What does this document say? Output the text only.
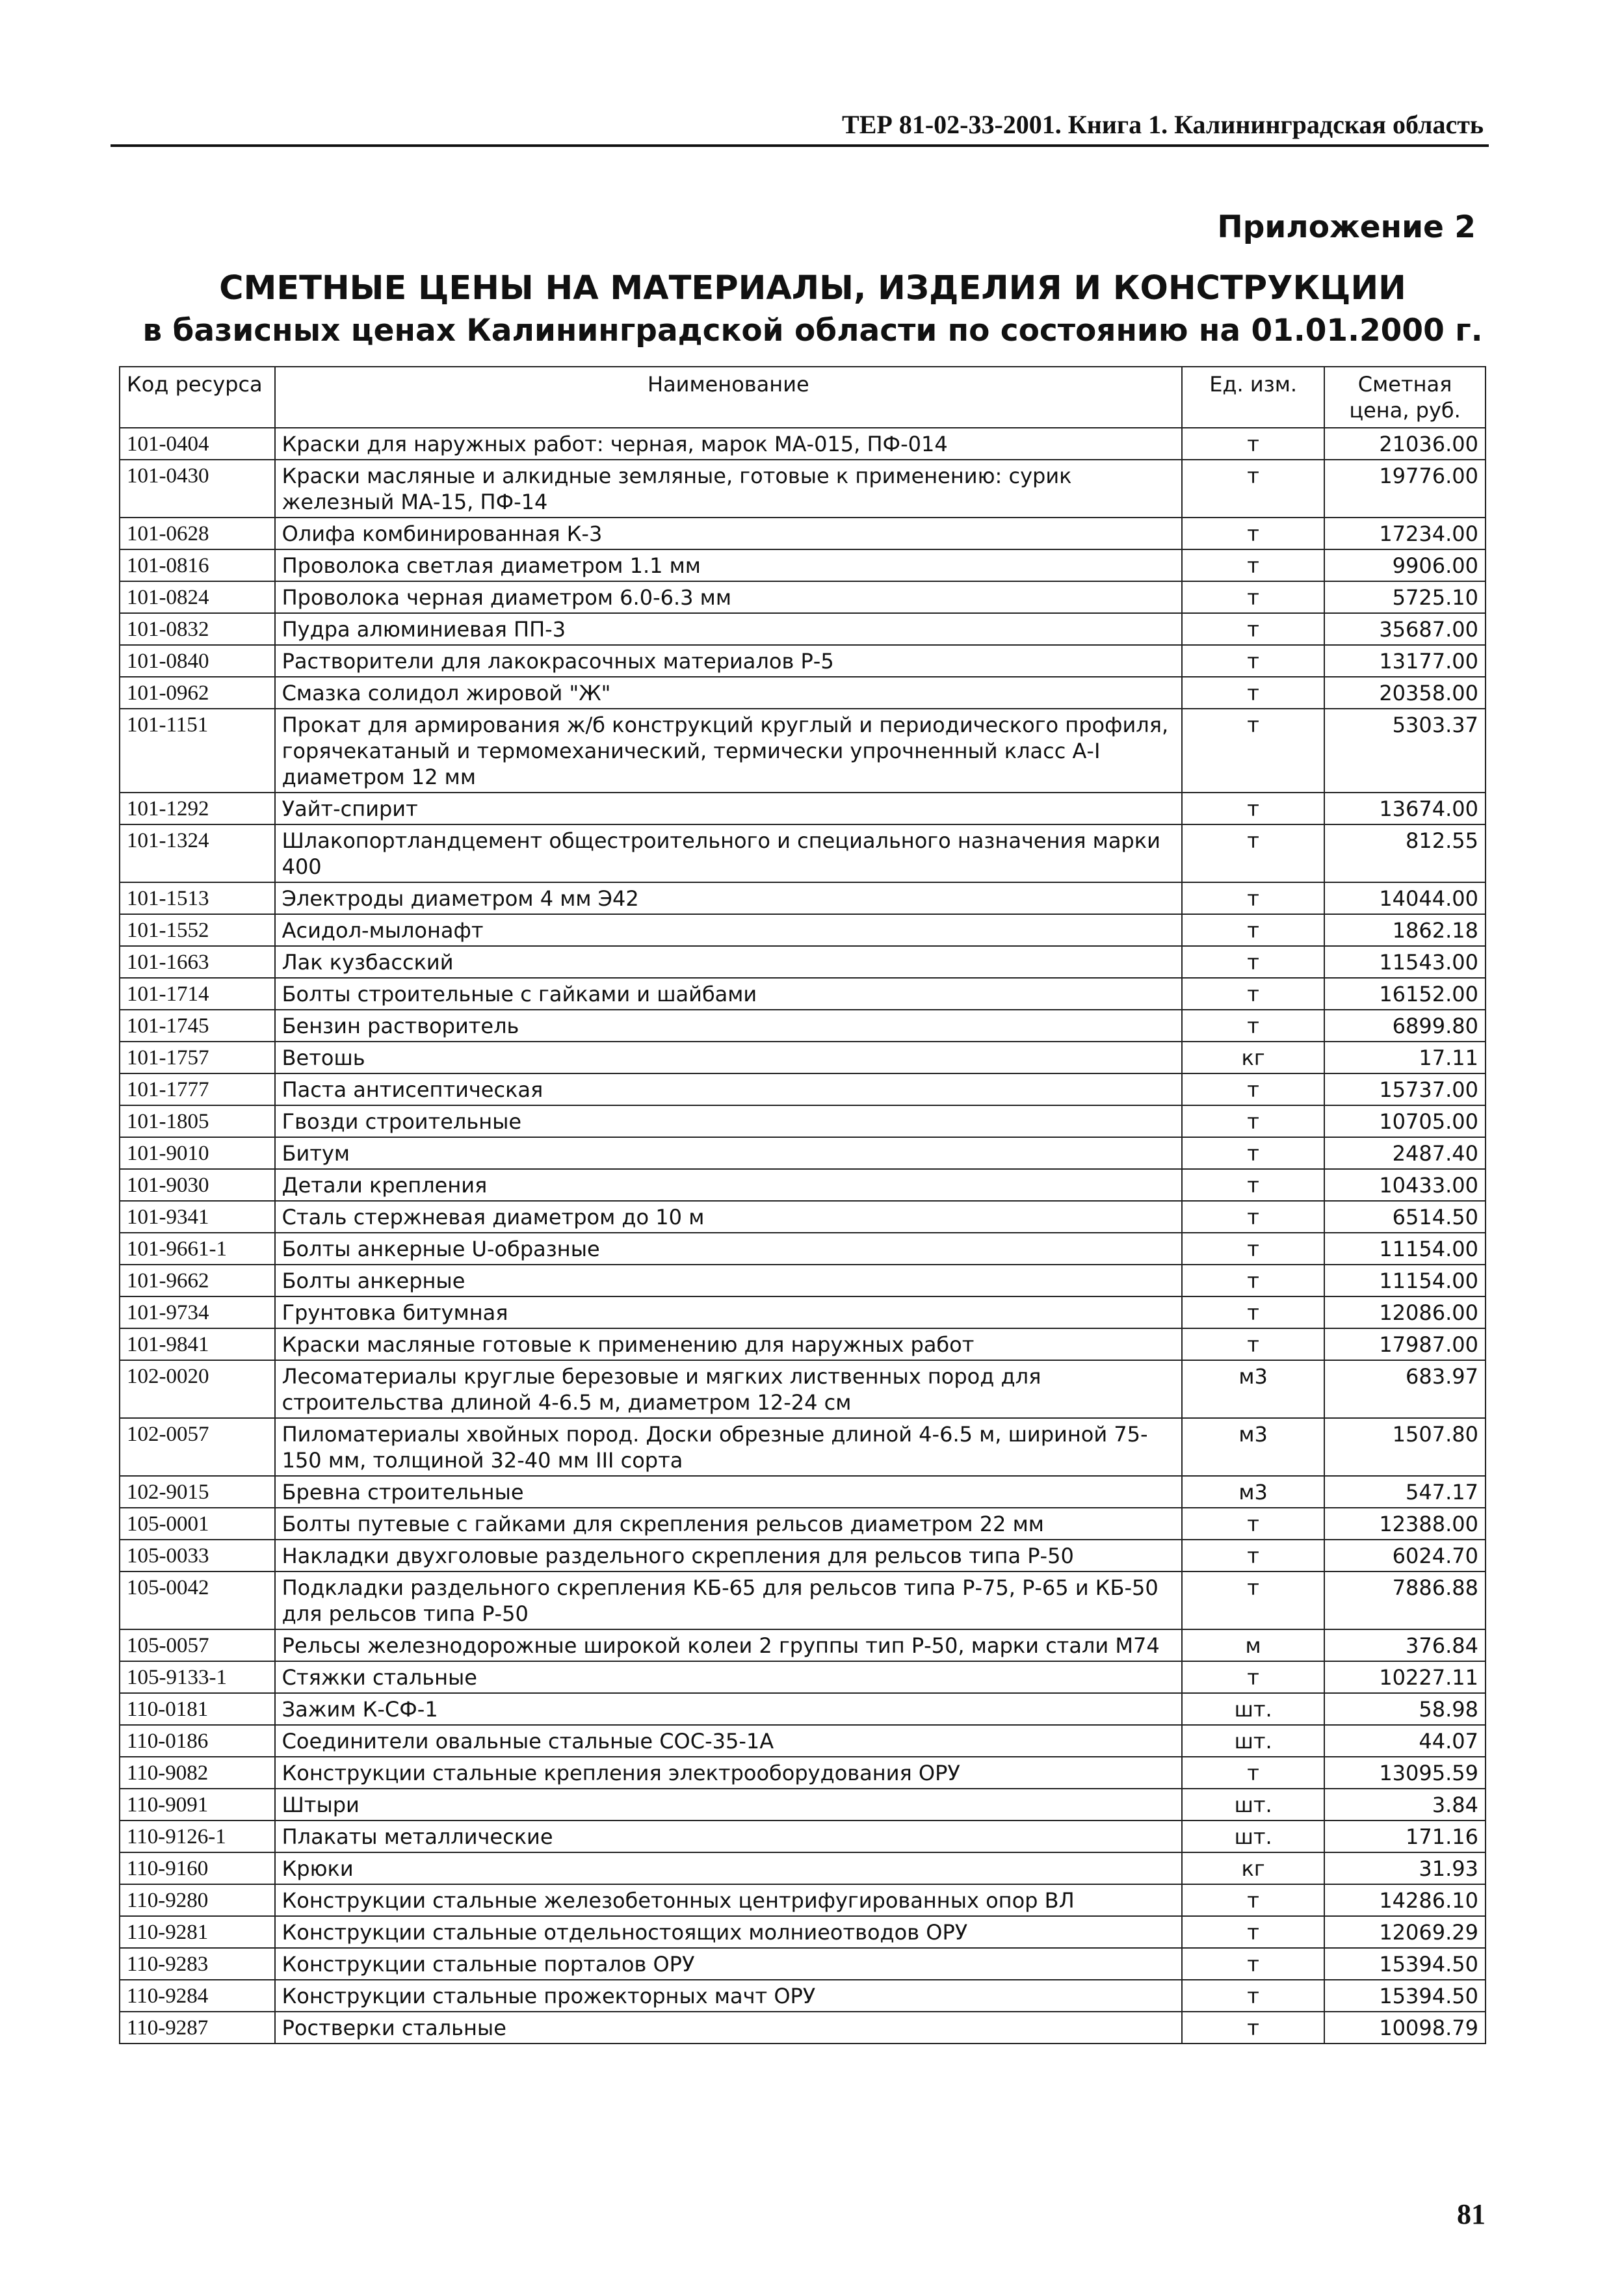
ТЕР 81-02-33-2001. Книга 1. Калининградская область
Приложение 2
СМЕТНЫЕ ЦЕНЫ НА МАТЕРИАЛЫ, ИЗДЕЛИЯ И КОНСТРУКЦИИ
в базисных ценах Калининградской области по состоянию на 01.01.2000 г.
Код ресурса	Наименование	Ед. изм.	Сметная цена, руб.
101-0404	Краски для наружных работ: черная, марок МА-015, ПФ-014	т	21036.00
101-0430	Краски масляные и алкидные земляные, готовые к применению: сурик железный МА-15, ПФ-14	т	19776.00
101-0628	Олифа комбинированная К-3	т	17234.00
101-0816	Проволока светлая диаметром 1.1 мм	т	9906.00
101-0824	Проволока черная диаметром 6.0-6.3 мм	т	5725.10
101-0832	Пудра алюминиевая ПП-3	т	35687.00
101-0840	Растворители для лакокрасочных материалов Р-5	т	13177.00
101-0962	Смазка солидол жировой "Ж"	т	20358.00
101-1151	Прокат для армирования ж/б конструкций круглый и периодического профиля, горячекатаный и термомеханический, термически упрочненный класс А-I диаметром 12 мм	т	5303.37
101-1292	Уайт-спирит	т	13674.00
101-1324	Шлакопортландцемент общестроительного и специального назначения марки 400	т	812.55
101-1513	Электроды диаметром 4 мм Э42	т	14044.00
101-1552	Асидол-мылонафт	т	1862.18
101-1663	Лак кузбасский	т	11543.00
101-1714	Болты строительные с гайками и шайбами	т	16152.00
101-1745	Бензин растворитель	т	6899.80
101-1757	Ветошь	кг	17.11
101-1777	Паста антисептическая	т	15737.00
101-1805	Гвозди строительные	т	10705.00
101-9010	Битум	т	2487.40
101-9030	Детали крепления	т	10433.00
101-9341	Сталь стержневая диаметром до 10 м	т	6514.50
101-9661-1	Болты анкерные U-образные	т	11154.00
101-9662	Болты анкерные	т	11154.00
101-9734	Грунтовка битумная	т	12086.00
101-9841	Краски масляные готовые к применению для наружных работ	т	17987.00
102-0020	Лесоматериалы круглые березовые и мягких лиственных пород для строительства длиной 4-6.5 м, диаметром 12-24 см	м3	683.97
102-0057	Пиломатериалы хвойных пород. Доски обрезные длиной 4-6.5 м, шириной 75-150 мм, толщиной 32-40 мм III сорта	м3	1507.80
102-9015	Бревна строительные	м3	547.17
105-0001	Болты путевые с гайками для скрепления рельсов диаметром 22 мм	т	12388.00
105-0033	Накладки двухголовые раздельного скрепления для рельсов типа Р-50	т	6024.70
105-0042	Подкладки раздельного скрепления КБ-65 для рельсов типа Р-75, Р-65 и КБ-50 для рельсов типа Р-50	т	7886.88
105-0057	Рельсы железнодорожные широкой колеи 2 группы тип Р-50, марки стали М74	м	376.84
105-9133-1	Стяжки стальные	т	10227.11
110-0181	Зажим К-СФ-1	шт.	58.98
110-0186	Соединители овальные стальные СОС-35-1А	шт.	44.07
110-9082	Конструкции стальные крепления электрооборудования ОРУ	т	13095.59
110-9091	Штыри	шт.	3.84
110-9126-1	Плакаты металлические	шт.	171.16
110-9160	Крюки	кг	31.93
110-9280	Конструкции стальные железобетонных центрифугированных опор ВЛ	т	14286.10
110-9281	Конструкции стальные отдельностоящих молниеотводов ОРУ	т	12069.29
110-9283	Конструкции стальные порталов ОРУ	т	15394.50
110-9284	Конструкции стальные прожекторных мачт ОРУ	т	15394.50
110-9287	Ростверки стальные	т	10098.79
81
